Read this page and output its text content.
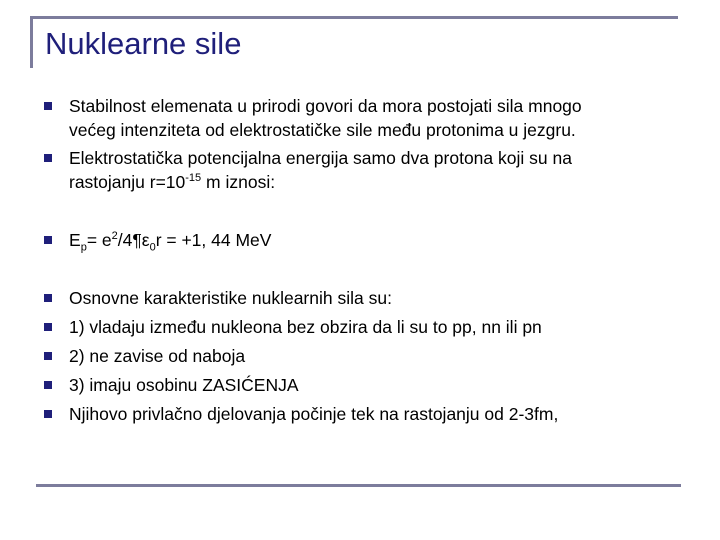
Nuklearne sile
Stabilnost elemenata u prirodi govori da mora postojati sila mnogo
većeg intenziteta od elektrostatičke sile među protonima u jezgru.
Elektrostatička potencijalna energija samo dva protona koji su na
rastojanju $r=10^{-15}$ m iznosi:
$E_p=$ $e^2/4\P\varepsilon_0r = +1$, 44 MeV
Osnovne karakteristike nuklearnih sila su:
1) vladaju između nukleona bez obzira da li su to pp, nn ili pn
2) ne zavise od naboja
3) imaju osobinu ZASIĆENJA
Njihovo privlačno djelovanja počinje tek na rastojanju od 2-3fm,
